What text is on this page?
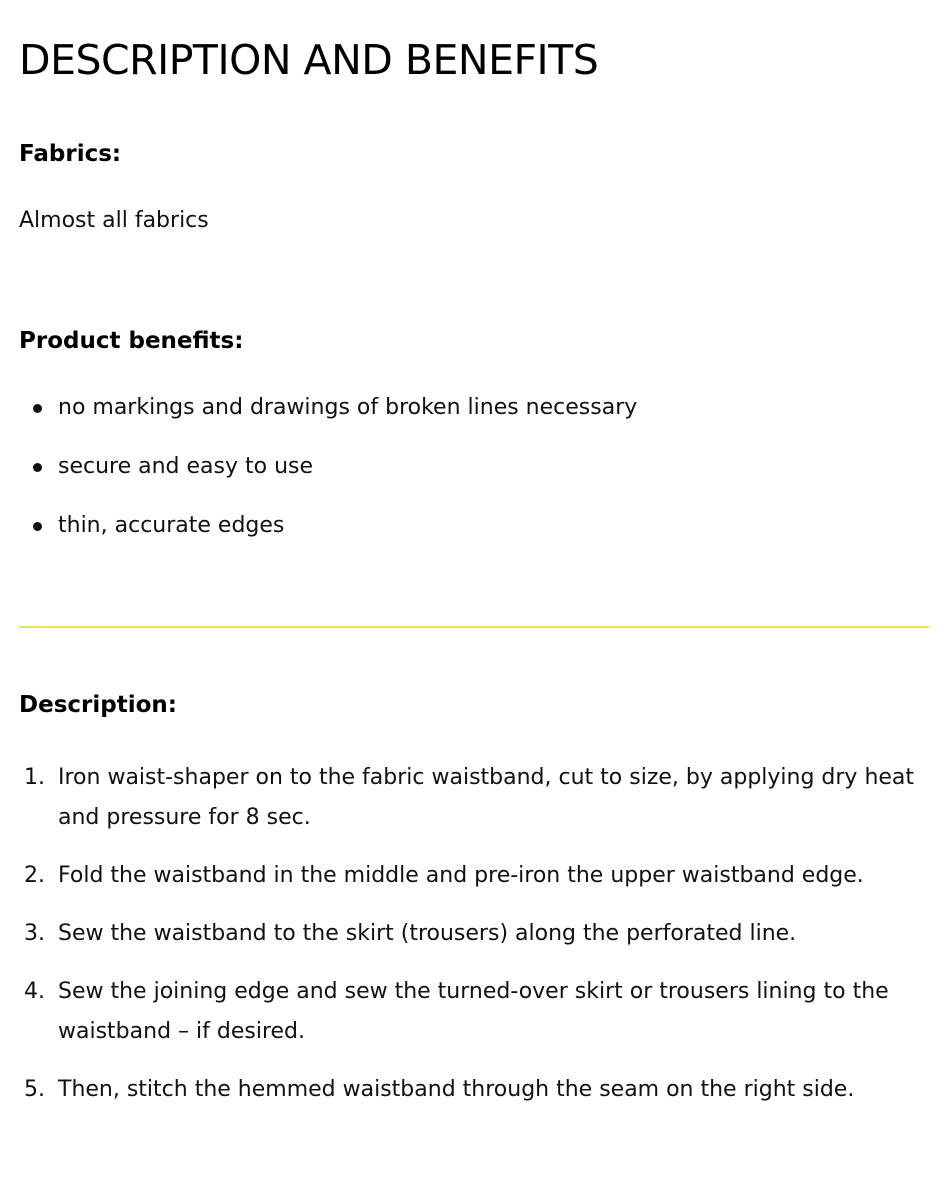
DESCRIPTION AND BENEFITS
Fabrics:

Almost all fabrics

Product benefits:
no markings and drawings of broken lines necessary
secure and easy to use
thin, accurate edges
Description:
1. Iron waist-shaper on to the fabric waistband, cut to size, by applying dry heat and pressure for 8 sec.
2. Fold the waistband in the middle and pre-iron the upper waistband edge.
3. Sew the waistband to the skirt (trousers) along the perforated line.
4. Sew the joining edge and sew the turned-over skirt or trousers lining to the waistband – if desired.
5. Then, stitch the hemmed waistband through the seam on the right side.
